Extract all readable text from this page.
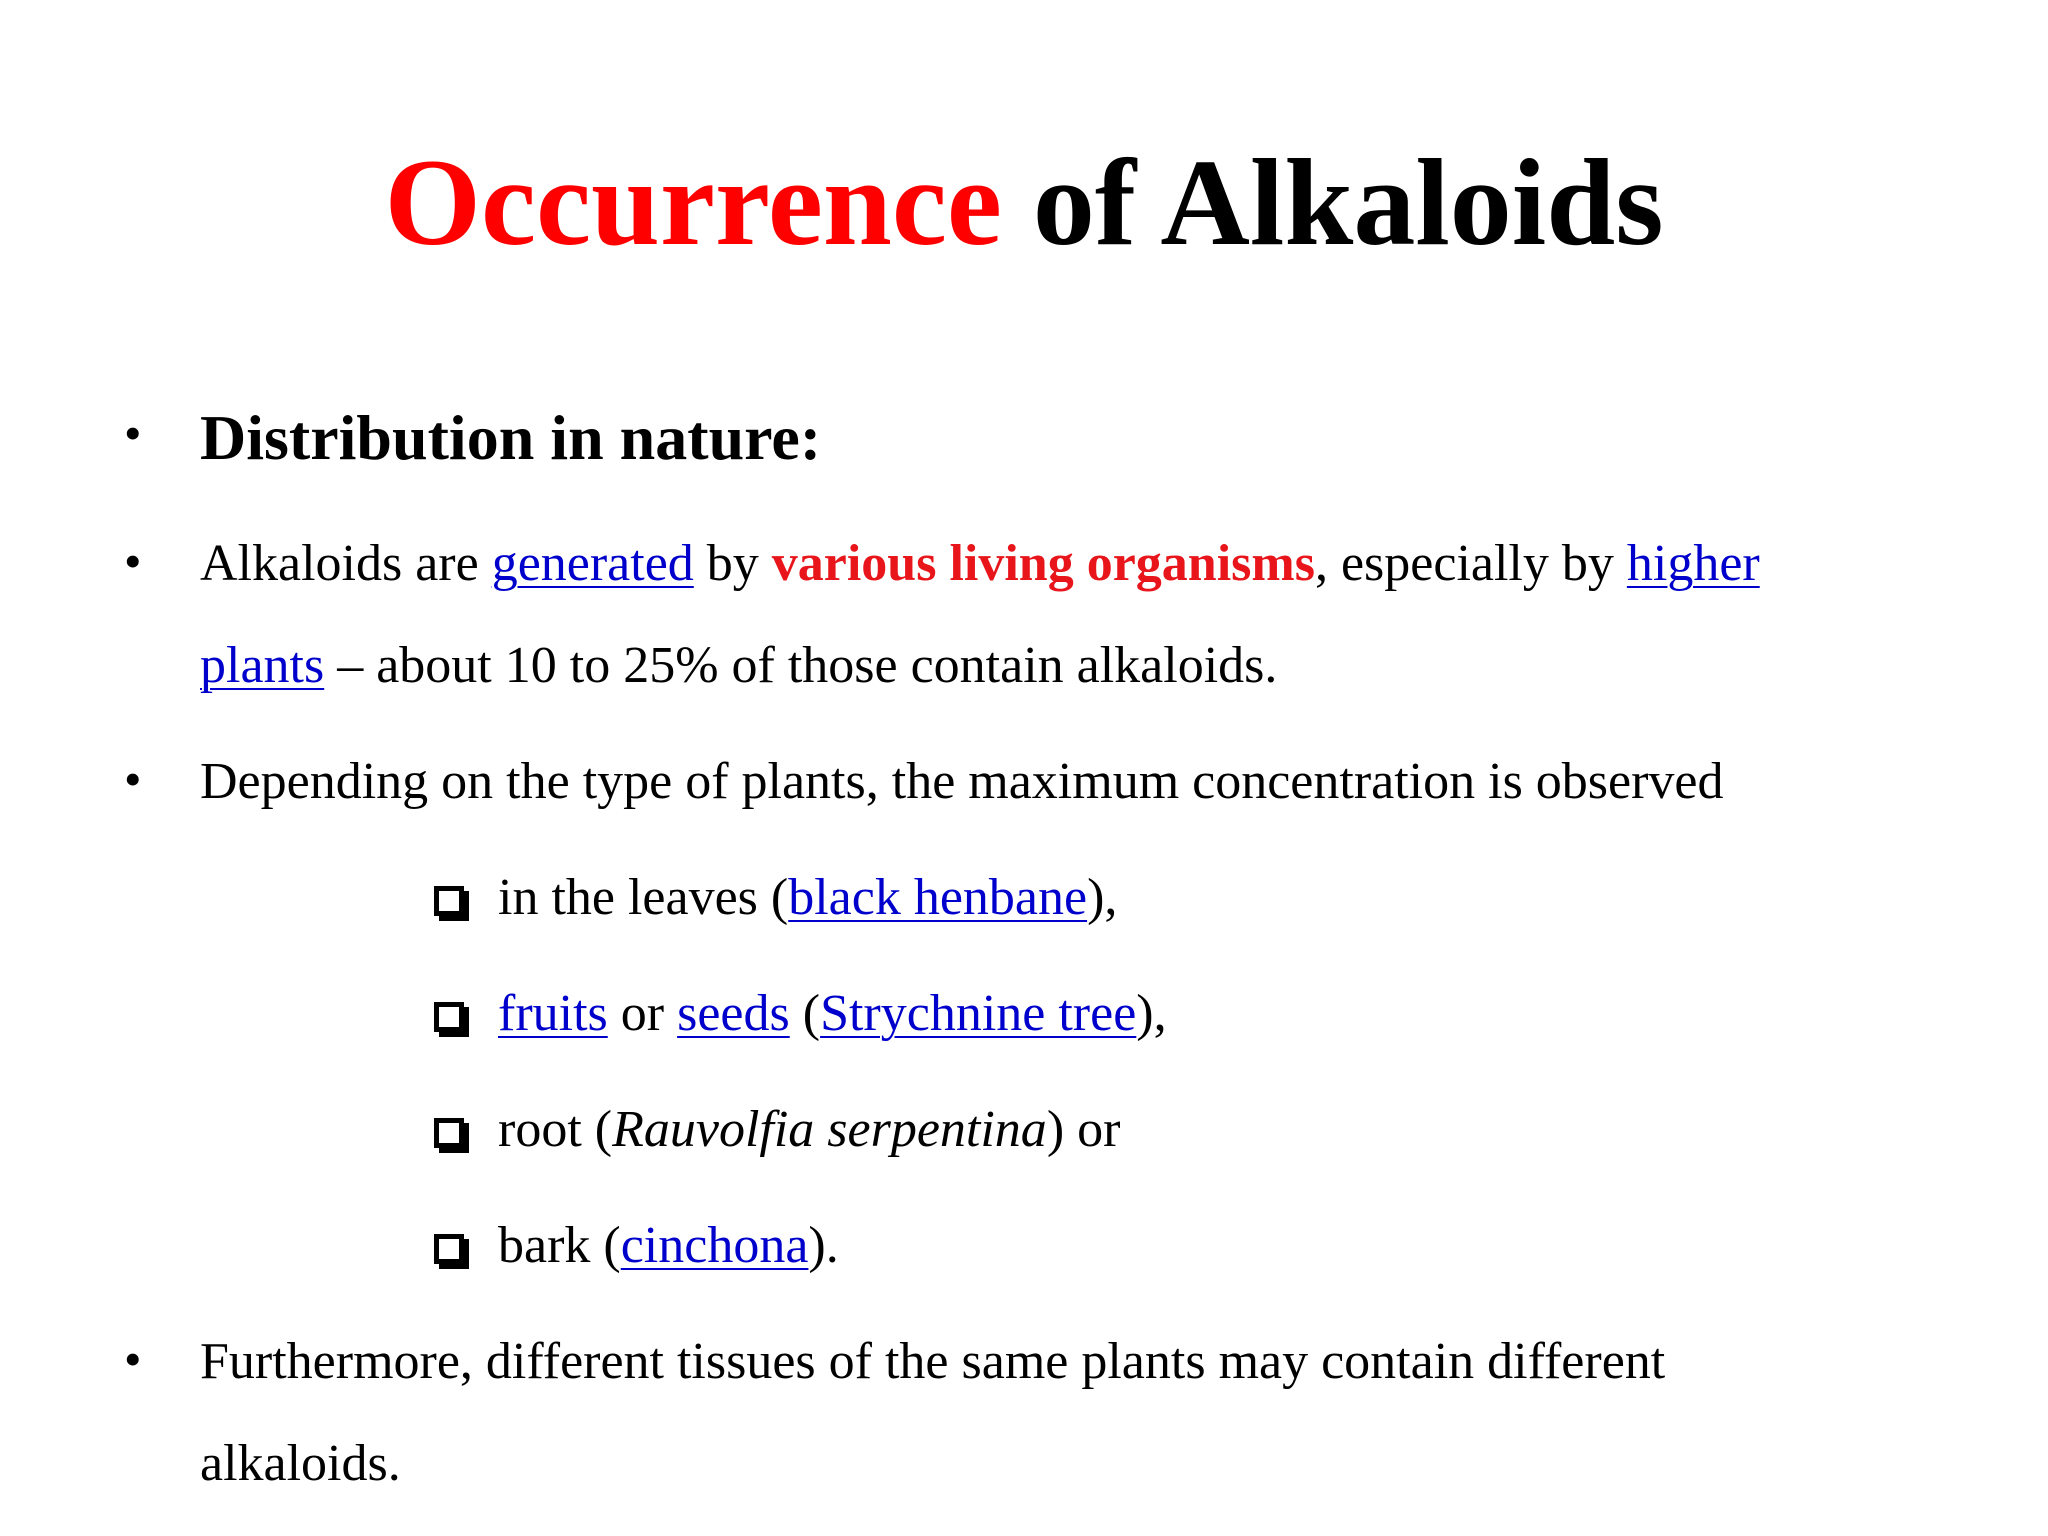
Occurrence of Alkaloids
• Distribution in nature:
• Alkaloids are generated by various living organisms, especially by higher
plants – about 10 to 25% of those contain alkaloids.
• Depending on the type of plants, the maximum concentration is observed
in the leaves (black henbane),
fruits or seeds (Strychnine tree),
root (Rauvolfia serpentina) or
bark (cinchona).
• Furthermore, different tissues of the same plants may contain different
alkaloids.
